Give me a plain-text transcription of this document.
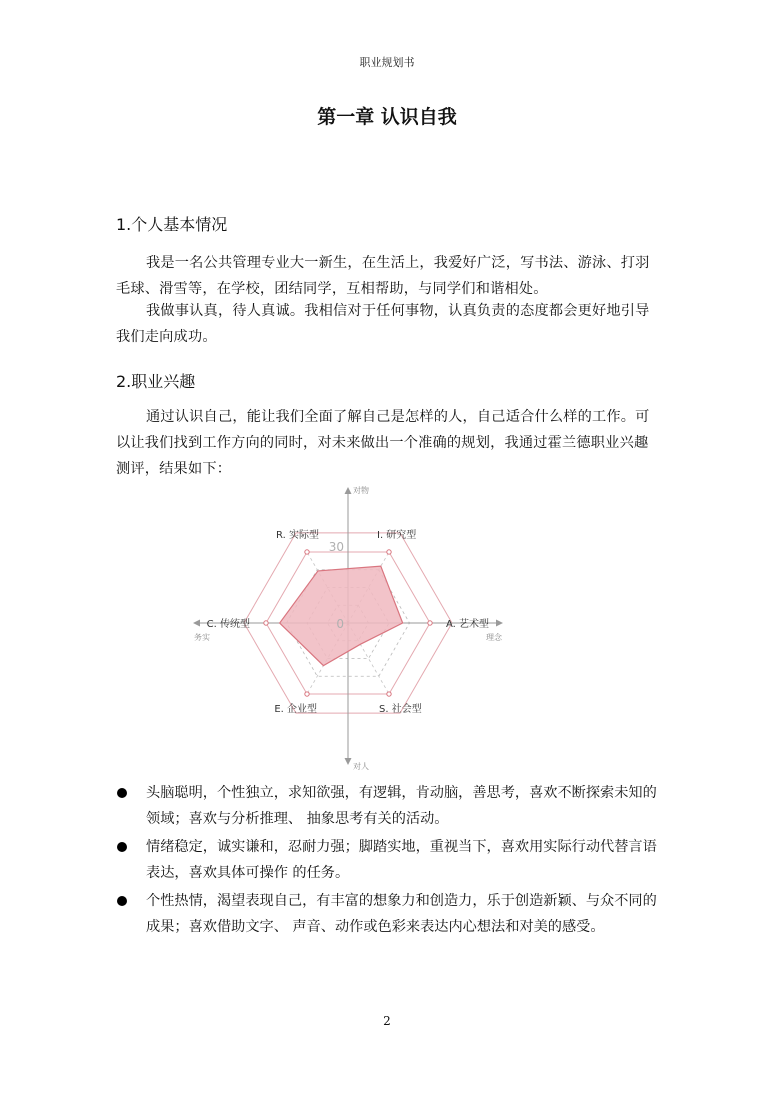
职业规划书
第一章 认识自我
1.个人基本情况

我是一名公共管理专业大一新生，在生活上，我爱好广泛，写书法、游泳、打羽毛球、滑雪等，在学校，团结同学，互相帮助，与同学们和谐相处。

我做事认真，待人真诚。我相信对于任何事物，认真负责的态度都会更好地引导我们走向成功。

2.职业兴趣

通过认识自己，能让我们全面了解自己是怎样的人，自己适合什么样的工作。可以让我们找到工作方向的同时，对未来做出一个准确的规划，我通过霍兰德职业兴趣测评，结果如下：

I. 研究型
A. 艺术型
S. 社会型
E. 企业型
C. 传统型
R. 实际型
0
30
对物
对人
务实	理念
头脑聪明，个性独立，求知欲强，有逻辑，肯动脑，善思考，喜欢不断探索未知的领域；喜欢与分析推理、 抽象思考有关的活动。
情绪稳定，诚实谦和，忍耐力强；脚踏实地，重视当下，喜欢用实际行动代替言语表达，喜欢具体可操作 的任务。
个性热情，渴望表现自己，有丰富的想象力和创造力，乐于创造新颖、与众不同的成果；喜欢借助文字、 声音、动作或色彩来表达内心想法和对美的感受。
2
